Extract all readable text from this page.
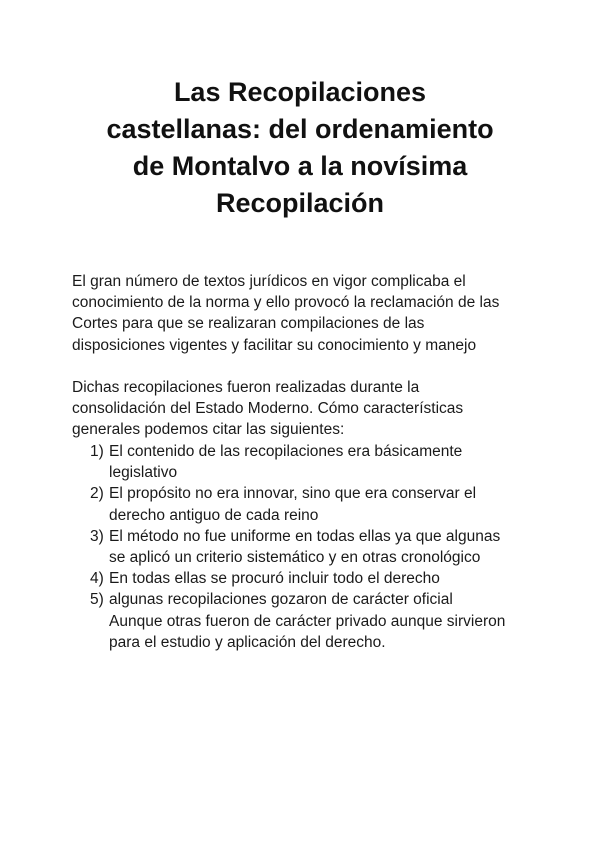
Las Recopilaciones
castellanas: del ordenamiento
de Montalvo a la novísima
Recopilación

El gran número de textos jurídicos en vigor complicaba el
conocimiento de la norma y ello provocó la reclamación de las
Cortes para que se realizaran compilaciones de las
disposiciones vigentes y facilitar su conocimiento y manejo

Dichas recopilaciones fueron realizadas durante la
consolidación del Estado Moderno. Cómo características
generales podemos citar las siguientes:

1) El contenido de las recopilaciones era básicamente
legislativo
2) El propósito no era innovar, sino que era conservar el
derecho antiguo de cada reino
3) El método no fue uniforme en todas ellas ya que algunas
se aplicó un criterio sistemático y en otras cronológico
4) En todas ellas se procuró incluir todo el derecho
5) algunas recopilaciones gozaron de carácter oficial
Aunque otras fueron de carácter privado aunque sirvieron
para el estudio y aplicación del derecho.
